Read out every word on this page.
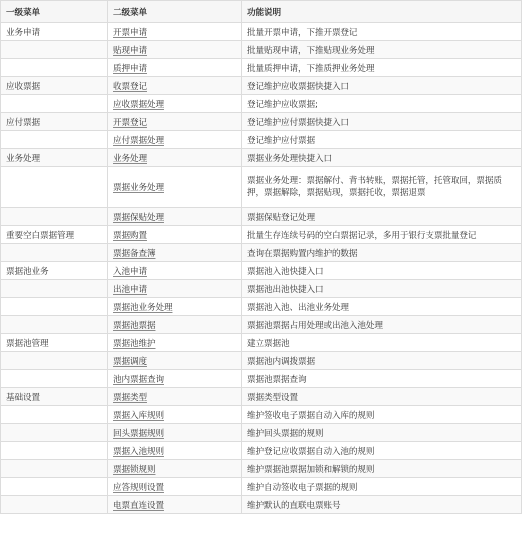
一级菜单	二级菜单	功能说明
业务申请	开票申请	批量开票申请，下推开票登记
	贴现申请	批量贴现申请，下推贴现业务处理
	质押申请	批量质押申请，下推质押业务处理
应收票据	收票登记	登记维护应收票据快捷入口
	应收票据处理	登记维护应收票据;
应付票据	开票登记	登记维护应付票据快捷入口
	应付票据处理	登记维护应付票据
业务处理	业务处理	票据业务处理快捷入口
	票据业务处理	票据业务处理：票据解付、背书转账，票据托管，托管取回，票据质押，票据解除，票据贴现，票据托收，票据退票
	票据保贴处理	票据保贴登记处理
重要空白票据管理	票据购置	批量生存连续号码的空白票据记录，多用于银行支票批量登记
	票据备查簿	查询在票据购置内维护的数据
票据池业务	入池申请	票据池入池快捷入口
	出池申请	票据池出池快捷入口
	票据池业务处理	票据池入池、出池业务处理
	票据池票据	票据池票据占用处理或出池入池处理
票据池管理	票据池维护	建立票据池
	票据调度	票据池内调拨票据
	池内票据查询	票据池票据查询
基础设置	票据类型	票据类型设置
	票据入库规则	维护签收电子票据自动入库的规则
	回头票据规则	维护回头票据的规则
	票据入池规则	维护登记应收票据自动入池的规则
	票据锁规则	维护票据池票据加锁和解锁的规则
	应答规则设置	维护自动签收电子票据的规则
	电票直连设置	维护默认的直联电票账号
